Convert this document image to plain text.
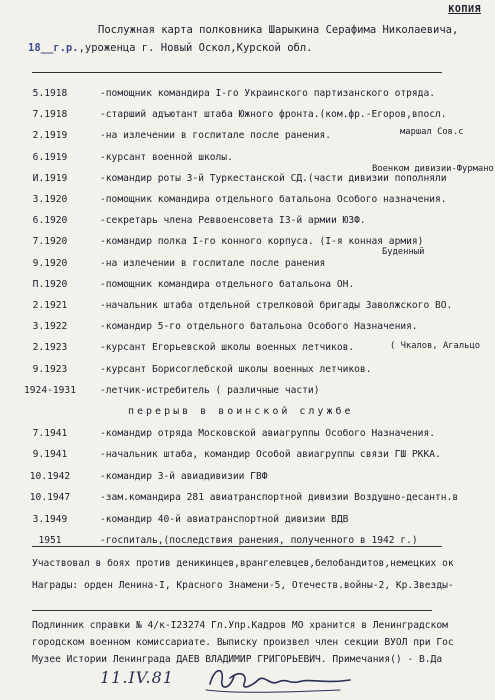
КОПИЯ
Послужная карта полковника Шарыкина Серафима Николаевича,
18__г.р.,уроженца г. Новый Оскол,Курской обл.
5.1918	-помощник командира I-го Украинского партизанского отряда.
7.1918	-старший адъютант штаба Южного фронта.(ком.фр.-Егоров,впосл.
2.1919	-на излечении в госпитале после ранения.
6.1919	-курсант военной школы.
И.1919	-командир роты 3-й Туркестанской СД.(части дивизии пополняли
3.1920	-помощник командира отдельного батальона Особого назначения.
6.1920	-секретарь члена Реввоенсовета I3-й армии ЮЗФ.
7.1920	-командир полка I-го конного корпуса. (I-я конная армия)
9.1920	-на излечении в госпитале после ранения
П.1920	-помощник командира отдельного батальона ОН.
2.1921	-начальник штаба отдельной стрелковой бригады Заволжского ВО.
3.1922	-командир 5-го отдельного батальона Особого Назначения.
2.1923	-курсант Егорьевской школы военных летчиков.
9.1923	-курсант Борисоглебской школы военных летчиков.
1924-1931	-летчик-истребитель ( различные части)
маршал Сов.с
Военком дивизии-Фурмано
Буденный
( Чкалов, Агальцо
перерыв в воинской службе
7.1941	-командир отряда Московской авиагруппы Особого Назначения.
9.1941	-начальник штаба, командир Особой авиагруппы связи ГШ РККА.
10.1942	-командир 3-й авиадивизии ГВФ
10.1947	-зам.командира 281 авиатранспортной дивизии Воздушно-десантн.в
3.1949	-командир 40-й авиатранспортной дивизии ВДВ
1951	-госпиталь,(последствия ранения, полученного в 1942 г.)
Участвовал в боях против деникинцев,врангелевцев,белобандитов,немецких ок
Награды: орден Ленина-I, Красного Знамени-5, Отечеств.войны-2, Кр.Звезды-
Подлинник справки № 4/к-I23274 Гл.Упр.Кадров МО хранится в Ленинградском
городском военном комиссариате. Выписку произвел член секции ВУОЛ при Гос
Музее Истории Ленинграда ДАЕВ ВЛАДИМИР ГРИГОРЬЕВИЧ. Примечания() - В.Да
11.IV.81
